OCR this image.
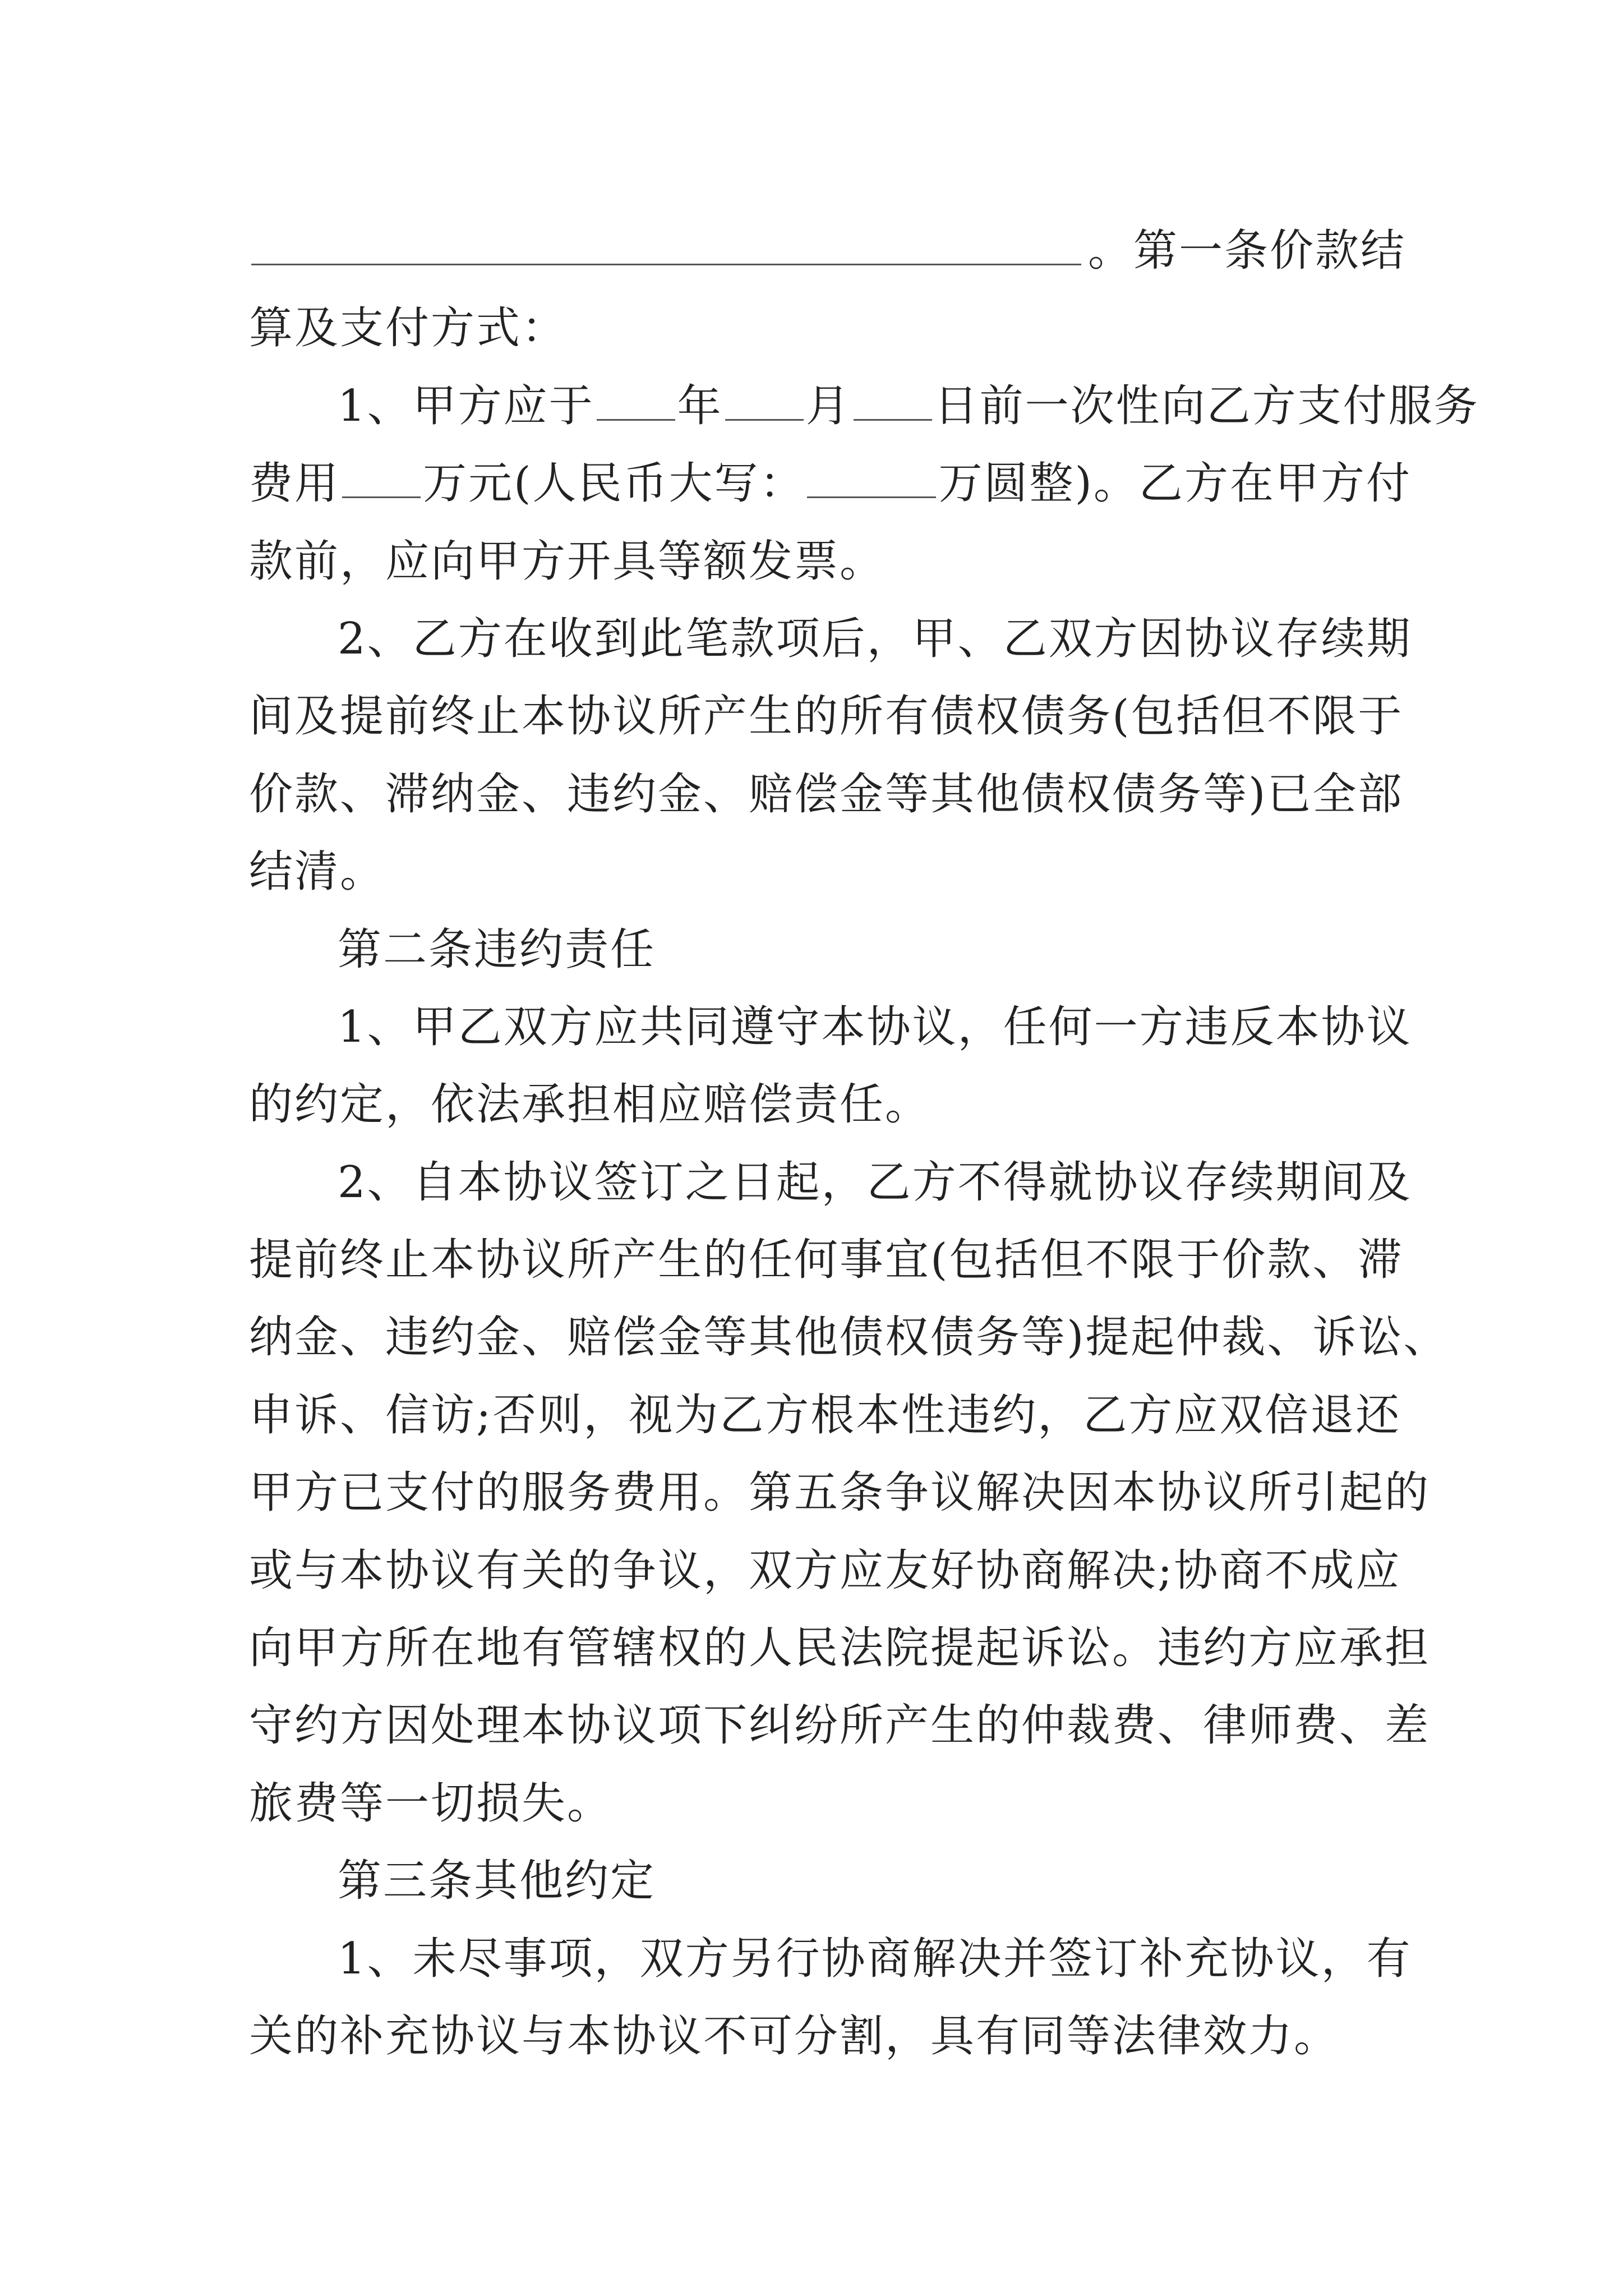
。第一条价款结
算及支付方式：
1、甲方应于 年 月 日前一次性向乙方支付服务
费用 万元(人民币大写：	万圆整)。乙方在甲方付
款前，应向甲方开具等额发票。
2、乙方在收到此笔款项后，甲、乙双方因协议存续期
间及提前终止本协议所产生的所有债权债务(包括但不限于
价款、滞纳金、违约金、赔偿金等其他债权债务等)已全部
结清。
第二条违约责任
1、甲乙双方应共同遵守本协议，任何一方违反本协议
的约定，依法承担相应赔偿责任。
2、自本协议签订之日起，乙方不得就协议存续期间及
提前终止本协议所产生的任何事宜(包括但不限于价款、滞
纳金、违约金、赔偿金等其他债权债务等)提起仲裁、诉讼、
申诉、信访;否则，视为乙方根本性违约，乙方应双倍退还
甲方已支付的服务费用。第五条争议解决因本协议所引起的
或与本协议有关的争议，双方应友好协商解决;协商不成应
向甲方所在地有管辖权的人民法院提起诉讼。违约方应承担
守约方因处理本协议项下纠纷所产生的仲裁费、律师费、差
旅费等一切损失。
第三条其他约定
1、未尽事项，双方另行协商解决并签订补充协议，有
关的补充协议与本协议不可分割，具有同等法律效力。
